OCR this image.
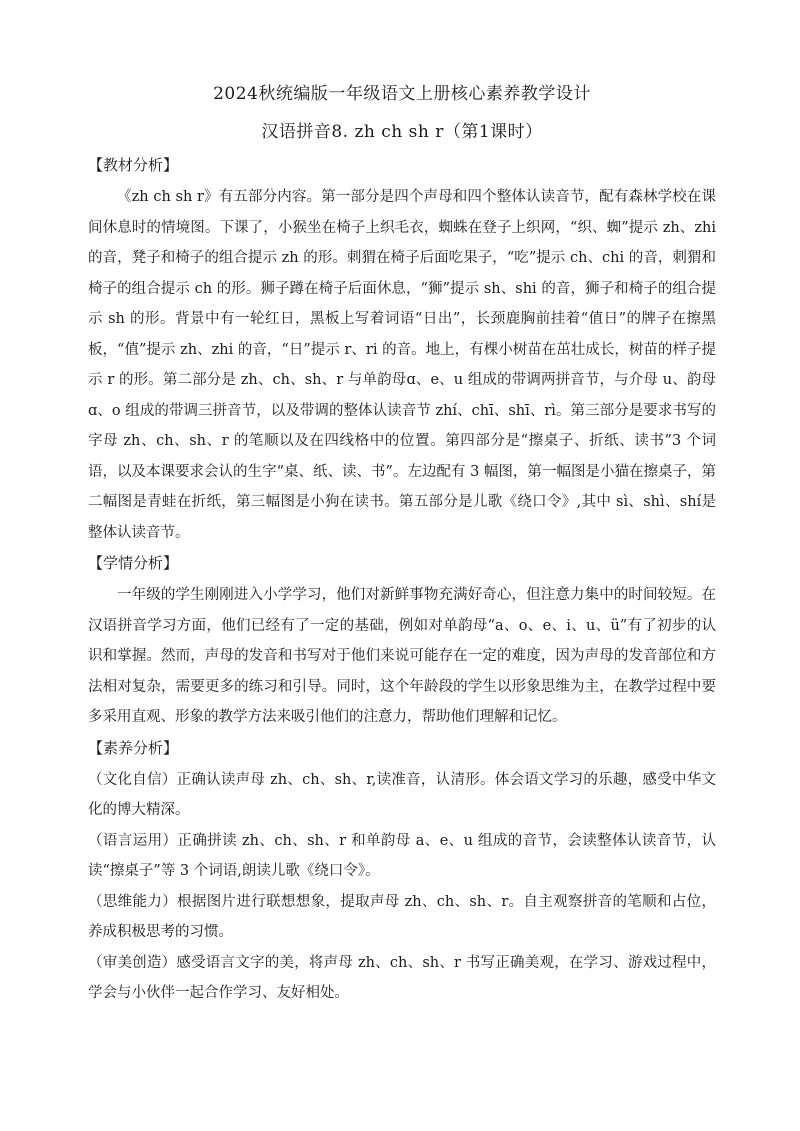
2024秋统编版一年级语文上册核心素养教学设计
汉语拼音8. zh ch sh r（第1课时）
【教材分析】

《zh ch sh r》有五部分内容。第一部分是四个声母和四个整体认读音节，配有森林学校在课间休息时的情境图。下课了，小猴坐在椅子上织毛衣，蜘蛛在登子上织网，“织、蜘”提示 zh、zhi 的音，凳子和椅子的组合提示 zh 的形。刺猬在椅子后面吃果子，“吃”提示 ch、chi 的音，刺猬和椅子的组合提示 ch 的形。狮子蹲在椅子后面休息，“狮”提示 sh、shi 的音，狮子和椅子的组合提示 sh 的形。背景中有一轮红日，黑板上写着词语“日出”，长颈鹿胸前挂着“值日”的牌子在擦黑板，“值”提示 zh、zhi 的音，“日”提示 r、ri 的音。地上，有棵小树苗在茁壮成长，树苗的样子提示 r 的形。第二部分是 zh、ch、sh、r 与单韵母ɑ、e、u 组成的带调两拼音节，与介母 u、韵母ɑ、o 组成的带调三拼音节，以及带调的整体认读音节 zhí、chī、shī、rì。第三部分是要求书写的字母 zh、ch、sh、r 的笔顺以及在四线格中的位置。第四部分是“擦桌子、折纸、读书”3 个词语，以及本课要求会认的生字“桌、纸、读、书”。左边配有 3 幅图，第一幅图是小猫在擦桌子，第二幅图是青蛙在折纸，第三幅图是小狗在读书。第五部分是儿歌《绕口令》,其中 sì、shì、shí是整体认读音节。

【学情分析】

一年级的学生刚刚进入小学学习，他们对新鲜事物充满好奇心，但注意力集中的时间较短。在汉语拼音学习方面，他们已经有了一定的基础，例如对单韵母“a、o、e、i、u、ü”有了初步的认识和掌握。然而，声母的发音和书写对于他们来说可能存在一定的难度，因为声母的发音部位和方法相对复杂，需要更多的练习和引导。同时，这个年龄段的学生以形象思维为主，在教学过程中要多采用直观、形象的教学方法来吸引他们的注意力，帮助他们理解和记忆。

【素养分析】

（文化自信）正确认读声母 zh、ch、sh、r,读准音，认清形。体会语文学习的乐趣，感受中华文化的博大精深。

（语言运用）正确拼读 zh、ch、sh、r 和单韵母 a、e、u 组成的音节，会读整体认读音节，认读“擦桌子”等 3 个词语,朗读儿歌《绕口令》。

（思维能力）根据图片进行联想想象，提取声母 zh、ch、sh、r。自主观察拼音的笔顺和占位，养成积极思考的习惯。

（审美创造）感受语言文字的美，将声母 zh、ch、sh、r 书写正确美观，在学习、游戏过程中，学会与小伙伴一起合作学习、友好相处。
